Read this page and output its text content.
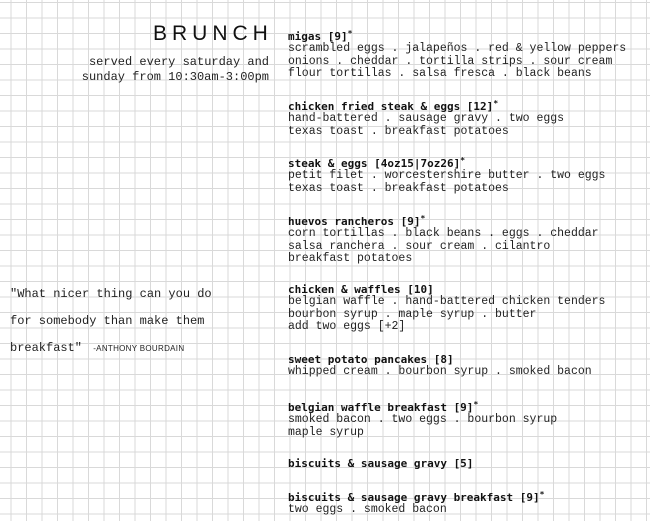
BRUNCH
served every saturday and
sunday from 10:30am-3:00pm
"What nicer thing can you do
for somebody than make them
breakfast" -ANTHONY BOURDAIN
migas [9]*
scrambled eggs . jalapeños . red & yellow peppers
onions . cheddar . tortilla strips . sour cream
flour tortillas . salsa fresca . black beans
chicken fried steak & eggs [12]*
hand-battered . sausage gravy . two eggs
texas toast . breakfast potatoes
steak & eggs [4oz15|7oz26]*
petit filet . worcestershire butter . two eggs
texas toast . breakfast potatoes
huevos rancheros [9]*
corn tortillas . black beans . eggs . cheddar
salsa ranchera . sour cream . cilantro
breakfast potatoes
chicken & waffles [10]
belgian waffle . hand-battered chicken tenders
bourbon syrup . maple syrup . butter
add two eggs [+2]
sweet potato pancakes [8]
whipped cream . bourbon syrup . smoked bacon
belgian waffle breakfast [9]*
smoked bacon . two eggs . bourbon syrup
maple syrup
biscuits & sausage gravy [5]
biscuits & sausage gravy breakfast [9]*
two eggs . smoked bacon
